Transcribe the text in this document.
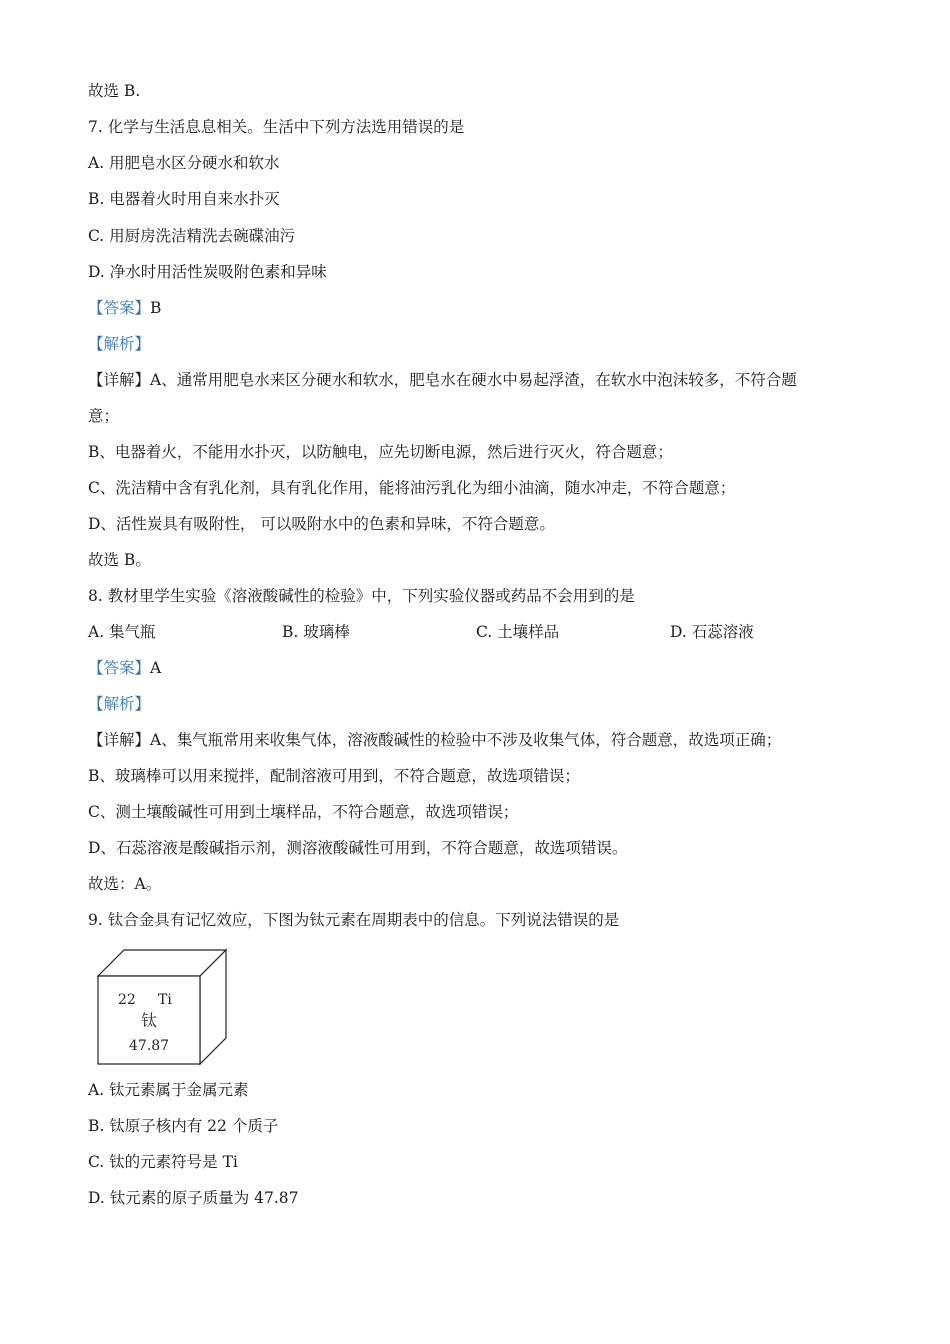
故选 B.
7. 化学与生活息息相关。生活中下列方法选用错误的是
A. 用肥皂水区分硬水和软水
B. 电器着火时用自来水扑灭
C. 用厨房洗洁精洗去碗碟油污
D. 净水时用活性炭吸附色素和异味
【答案】B
【解析】
【详解】A、通常用肥皂水来区分硬水和软水，肥皂水在硬水中易起浮渣，在软水中泡沫较多，不符合题
意；
B、电器着火，不能用水扑灭，以防触电，应先切断电源，然后进行灭火，符合题意；
C、洗洁精中含有乳化剂，具有乳化作用，能将油污乳化为细小油滴，随水冲走，不符合题意；
D、活性炭具有吸附性， 可以吸附水中的色素和异味，不符合题意。
故选 B。
8. 教材里学生实验《溶液酸碱性的检验》中，下列实验仪器或药品不会用到的是
A. 集气瓶	B. 玻璃棒	C. 土壤样品	D. 石蕊溶液
【答案】A
【解析】
【详解】A、集气瓶常用来收集气体，溶液酸碱性的检验中不涉及收集气体，符合题意，故选项正确；
B、玻璃棒可以用来搅拌，配制溶液可用到，不符合题意，故选项错误；
C、测土壤酸碱性可用到土壤样品，不符合题意，故选项错误；
D、石蕊溶液是酸碱指示剂，测溶液酸碱性可用到，不符合题意，故选项错误。
故选：A。
9. 钛合金具有记忆效应，下图为钛元素在周期表中的信息。下列说法错误的是
22 Ti
钛
47.87
A. 钛元素属于金属元素
B. 钛原子核内有 22 个质子
C. 钛的元素符号是 Ti
D. 钛元素的原子质量为 47.87
